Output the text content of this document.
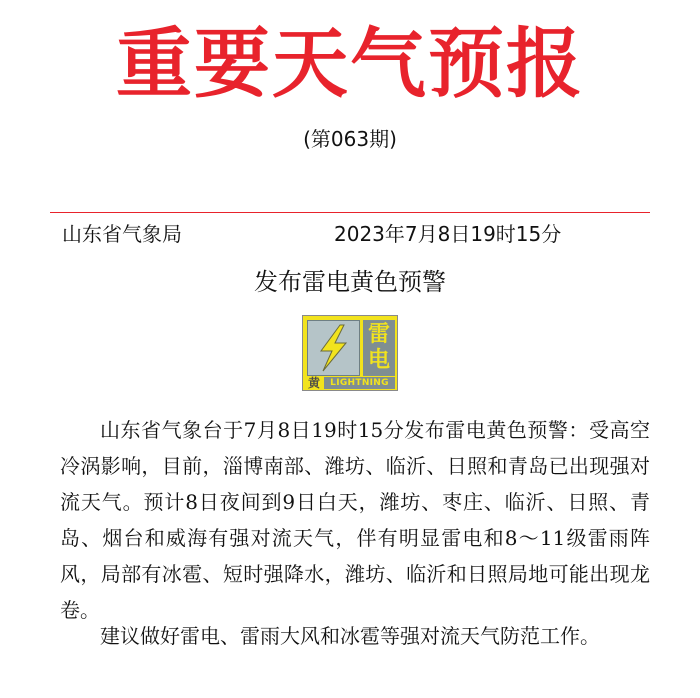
重要天气预报
(第063期)
山东省气象局	2023年7月8日19时15分
发布雷电黄色预警
雷
电
黄	LIGHTNING

山东省气象台于7月8日19时15分发布雷电黄色预警：受高空冷涡影响，目前，淄博南部、潍坊、临沂、日照和青岛已出现强对流天气。预计8日夜间到9日白天，潍坊、枣庄、临沂、日照、青岛、烟台和威海有强对流天气，伴有明显雷电和8～11级雷雨阵风，局部有冰雹、短时强降水，潍坊、临沂和日照局地可能出现龙卷。

建议做好雷电、雷雨大风和冰雹等强对流天气防范工作。
